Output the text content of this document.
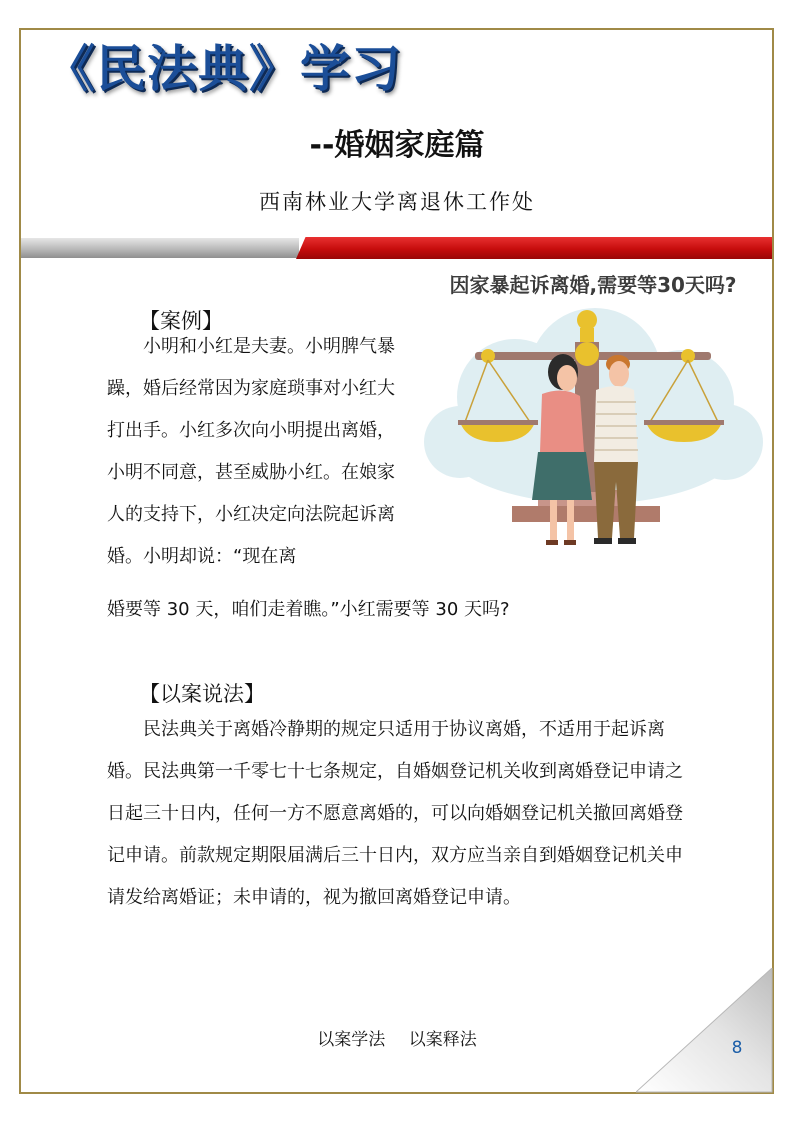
《民法典》学习
--婚姻家庭篇
西南林业大学离退休工作处
因家暴起诉离婚,需要等30天吗?
【案例】

小明和小红是夫妻。小明脾气暴躁，婚后经常因为家庭琐事对小红大打出手。小红多次向小明提出离婚，小明不同意，甚至威胁小红。在娘家人的支持下，小红决定向法院起诉离婚。小明却说：“现在离

婚要等 30 天，咱们走着瞧。”小红需要等 30 天吗?

【以案说法】

民法典关于离婚冷静期的规定只适用于协议离婚，不适用于起诉离婚。民法典第一千零七十七条规定，自婚姻登记机关收到离婚登记申请之日起三十日内，任何一方不愿意离婚的，可以向婚姻登记机关撤回离婚登记申请。前款规定期限届满后三十日内，双方应当亲自到婚姻登记机关申请发给离婚证；未申请的，视为撤回离婚登记申请。

以案学法 以案释法	8
